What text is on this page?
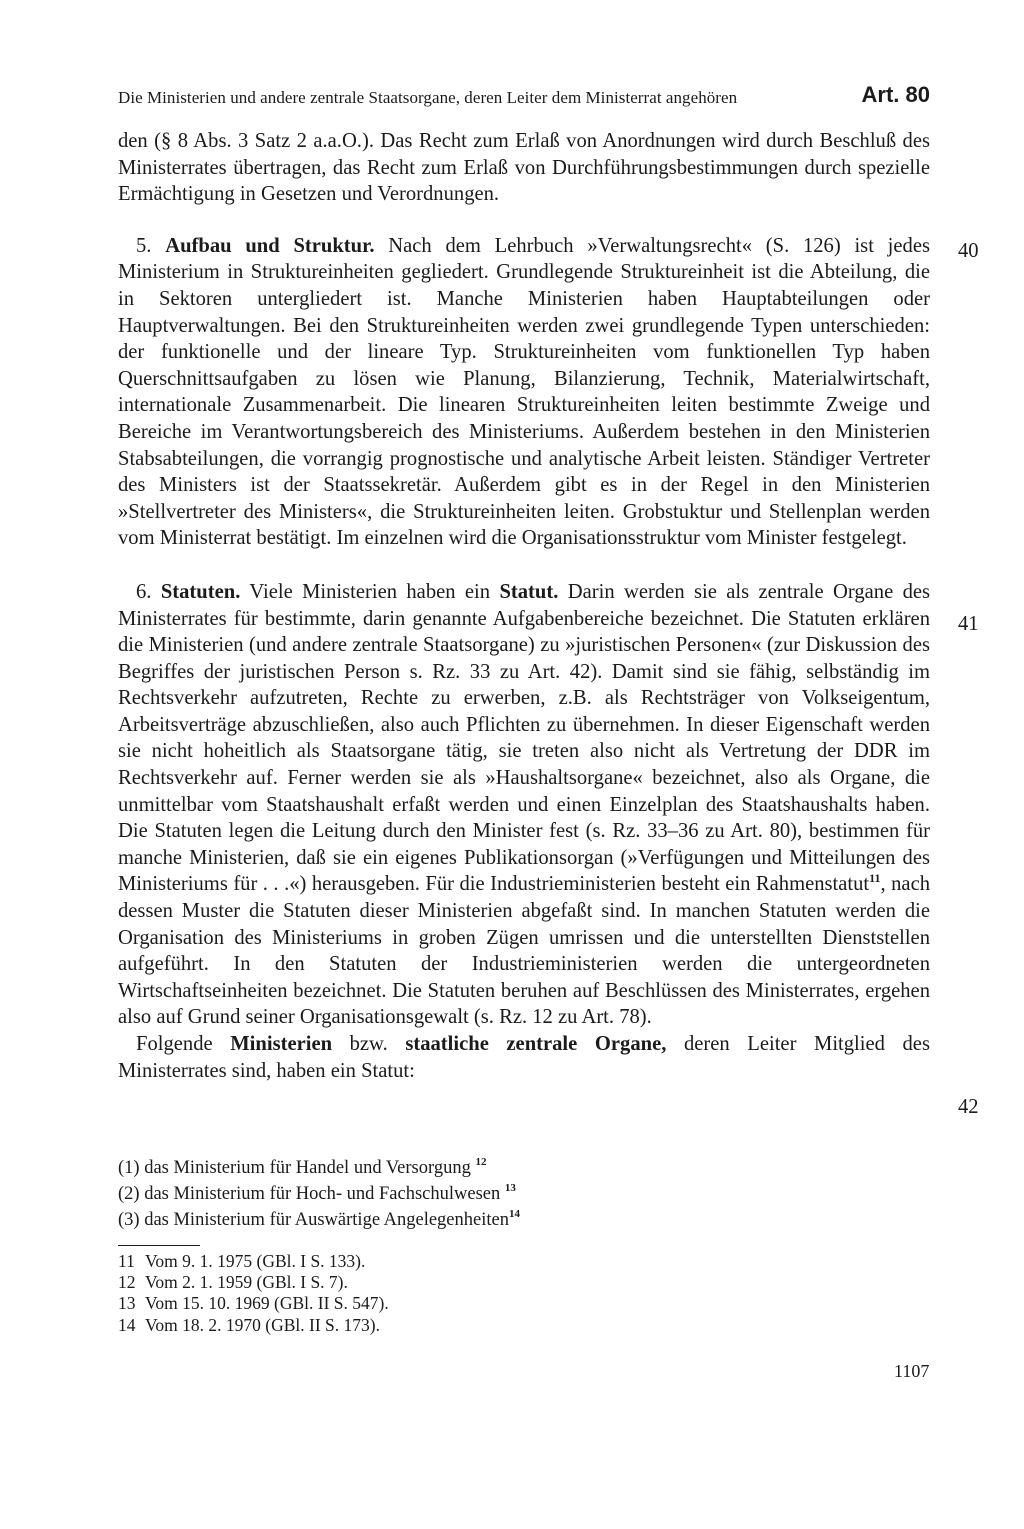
Die Ministerien und andere zentrale Staatsorgane, deren Leiter dem Ministerrat angehören	Art. 80

den (§ 8 Abs. 3 Satz 2 a.a.O.). Das Recht zum Erlaß von Anordnungen wird durch Beschluß des Ministerrates übertragen, das Recht zum Erlaß von Durchführungsbestimmungen durch spezielle Ermächtigung in Gesetzen und Verordnungen.

5. Aufbau und Struktur. Nach dem Lehrbuch »Verwaltungsrecht« (S. 126) ist jedes Ministerium in Struktureinheiten gegliedert. Grundlegende Struktureinheit ist die Abteilung, die in Sektoren untergliedert ist. Manche Ministerien haben Hauptabteilungen oder Hauptverwaltungen. Bei den Struktureinheiten werden zwei grundlegende Typen unterschieden: der funktionelle und der lineare Typ. Struktureinheiten vom funktionellen Typ haben Querschnittsaufgaben zu lösen wie Planung, Bilanzierung, Technik, Materialwirtschaft, internationale Zusammenarbeit. Die linearen Struktureinheiten leiten bestimmte Zweige und Bereiche im Verantwortungsbereich des Ministeriums. Außerdem bestehen in den Ministerien Stabsabteilungen, die vorrangig prognostische und analytische Arbeit leisten. Ständiger Vertreter des Ministers ist der Staatssekretär. Außerdem gibt es in der Regel in den Ministerien »Stellvertreter des Ministers«, die Struktureinheiten leiten. Grobstuktur und Stellenplan werden vom Ministerrat bestätigt. Im einzelnen wird die Organisationsstruktur vom Minister festgelegt.

6. Statuten. Viele Ministerien haben ein Statut. Darin werden sie als zentrale Organe des Ministerrates für bestimmte, darin genannte Aufgabenbereiche bezeichnet. Die Statuten erklären die Ministerien (und andere zentrale Staatsorgane) zu »juristischen Personen« (zur Diskussion des Begriffes der juristischen Person s. Rz. 33 zu Art. 42). Damit sind sie fähig, selbständig im Rechtsverkehr aufzutreten, Rechte zu erwerben, z.B. als Rechtsträger von Volkseigentum, Arbeitsverträge abzuschließen, also auch Pflichten zu übernehmen. In dieser Eigenschaft werden sie nicht hoheitlich als Staatsorgane tätig, sie treten also nicht als Vertretung der DDR im Rechtsverkehr auf. Ferner werden sie als »Haushaltsorgane« bezeichnet, also als Organe, die unmittelbar vom Staatshaushalt erfaßt werden und einen Einzelplan des Staatshaushalts haben. Die Statuten legen die Leitung durch den Minister fest (s. Rz. 33–36 zu Art. 80), bestimmen für manche Ministerien, daß sie ein eigenes Publikationsorgan (»Verfügungen und Mitteilungen des Ministeriums für . . .«) herausgeben. Für die Industrieministerien besteht ein Rahmenstatut$^{11}$, nach dessen Muster die Statuten dieser Ministerien abgefaßt sind. In manchen Statuten werden die Organisation des Ministeriums in groben Zügen umrissen und die unterstellten Dienststellen aufgeführt. In den Statuten der Industrieministerien werden die untergeordneten Wirtschaftseinheiten bezeichnet. Die Statuten beruhen auf Beschlüssen des Ministerrates, ergehen also auf Grund seiner Organisationsgewalt (s. Rz. 12 zu Art. 78).

Folgende Ministerien bzw. staatliche zentrale Organe, deren Leiter Mitglied des Ministerrates sind, haben ein Statut:

40
41
42
(1) das Ministerium für Handel und Versorgung $^{12}$
(2) das Ministerium für Hoch- und Fachschulwesen $^{13}$
(3) das Ministerium für Auswärtige Angelegenheiten$^{14}$
11 Vom 9. 1. 1975 (GBl. I S. 133).
12 Vom 2. 1. 1959 (GBl. I S. 7).
13 Vom 15. 10. 1969 (GBl. II S. 547).
14 Vom 18. 2. 1970 (GBl. II S. 173).
1107
